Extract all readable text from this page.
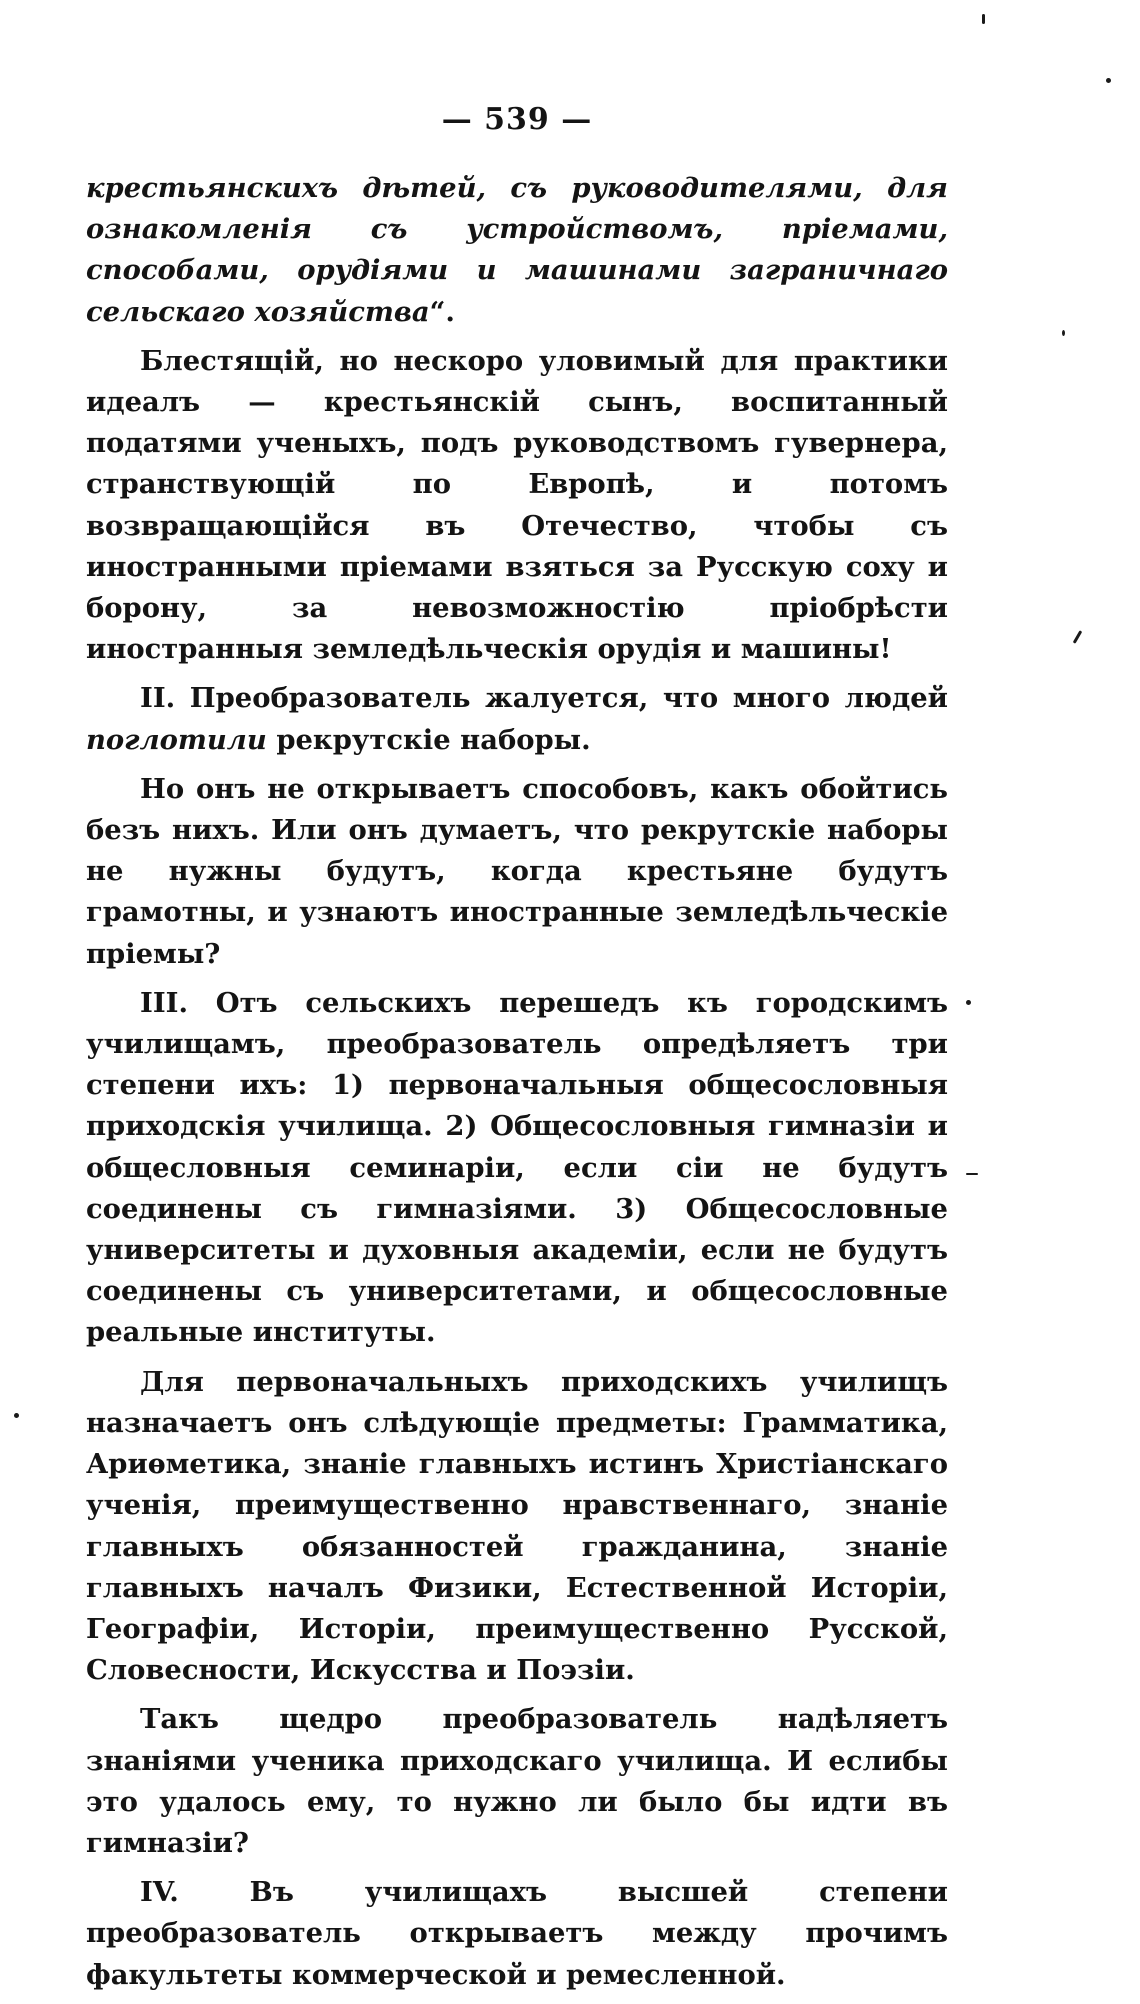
— 539 —

крестьянскихъ дѣтей, съ руководителями, для ознакомленія съ устройствомъ, пріемами, способами, орудіями и машинами заграничнаго сельскаго хозяйства“.

Блестящій, но нескоро уловимый для практики идеалъ — крестьянскій сынъ, воспитанный податями ученыхъ, подъ руководствомъ гувернера, странствующій по Европѣ, и потомъ возвращающійся въ Отечество, чтобы съ иностранными пріемами взяться за Русскую соху и борону, за невозможностію пріобрѣсти иностранныя земледѣльческія орудія и машины!

II. Преобразователь жалуется, что много людей поглотили рекрутскіе наборы.

Но онъ не открываетъ способовъ, какъ обойтись безъ нихъ. Или онъ думаетъ, что рекрутскіе наборы не нужны будутъ, когда крестьяне будутъ грамотны, и узнаютъ иностранные земледѣльческіе пріемы?

III. Отъ сельскихъ перешедъ къ городскимъ училищамъ, преобразователь опредѣляетъ три степени ихъ: 1) первоначальныя общесословныя приходскія училища. 2) Общесословныя гимназіи и общесловныя семинаріи, если сіи не будутъ соединены съ гимназіями. 3) Общесословные университеты и духовныя академіи, если не будутъ соединены съ университетами, и общесословные реальные институты.

Для первоначальныхъ приходскихъ училищъ назначаетъ онъ слѣдующіе предметы: Грамматика, Ариѳметика, знаніе главныхъ истинъ Христіанскаго ученія, преимущественно нравственнаго, знаніе главныхъ обязанностей гражданина, знаніе главныхъ началъ Физики, Естественной Исторіи, Географіи, Исторіи, преимущественно Русской, Словесности, Искусства и Поэзіи.

Такъ щедро преобразователь надѣляетъ знаніями ученика приходскаго училища. И еслибы это удалось ему, то нужно ли было бы идти въ гимназіи?

IV. Въ училищахъ высшей степени преобразователь открываетъ между прочимъ факультеты коммерческой и ремесленной.
